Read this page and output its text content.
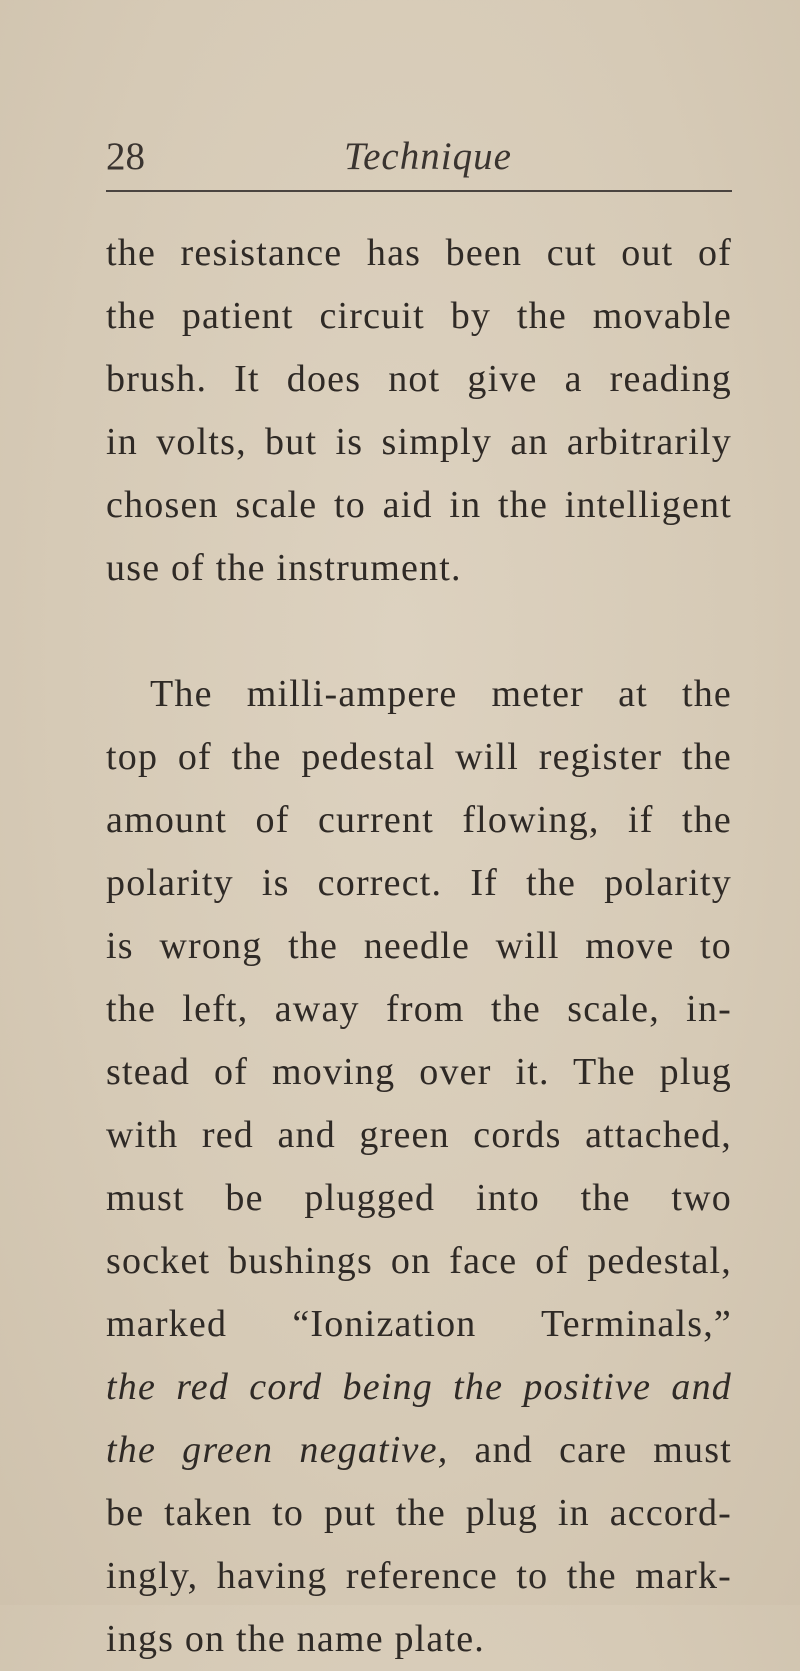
28	Technique
the resistance has been cut out of
the patient circuit by the movable
brush. It does not give a reading
in volts, but is simply an arbitrarily
chosen scale to aid in the intelligent
use of the instrument.
The milli-ampere meter at the
top of the pedestal will register the
amount of current flowing, if the
polarity is correct. If the polarity
is wrong the needle will move to
the left, away from the scale, in-
stead of moving over it. The plug
with red and green cords attached,
must be plugged into the two
socket bushings on face of pedestal,
marked “Ionization Terminals,”
the red cord being the positive and
the green negative, and care must
be taken to put the plug in accord-
ingly, having reference to the mark-
ings on the name plate.
